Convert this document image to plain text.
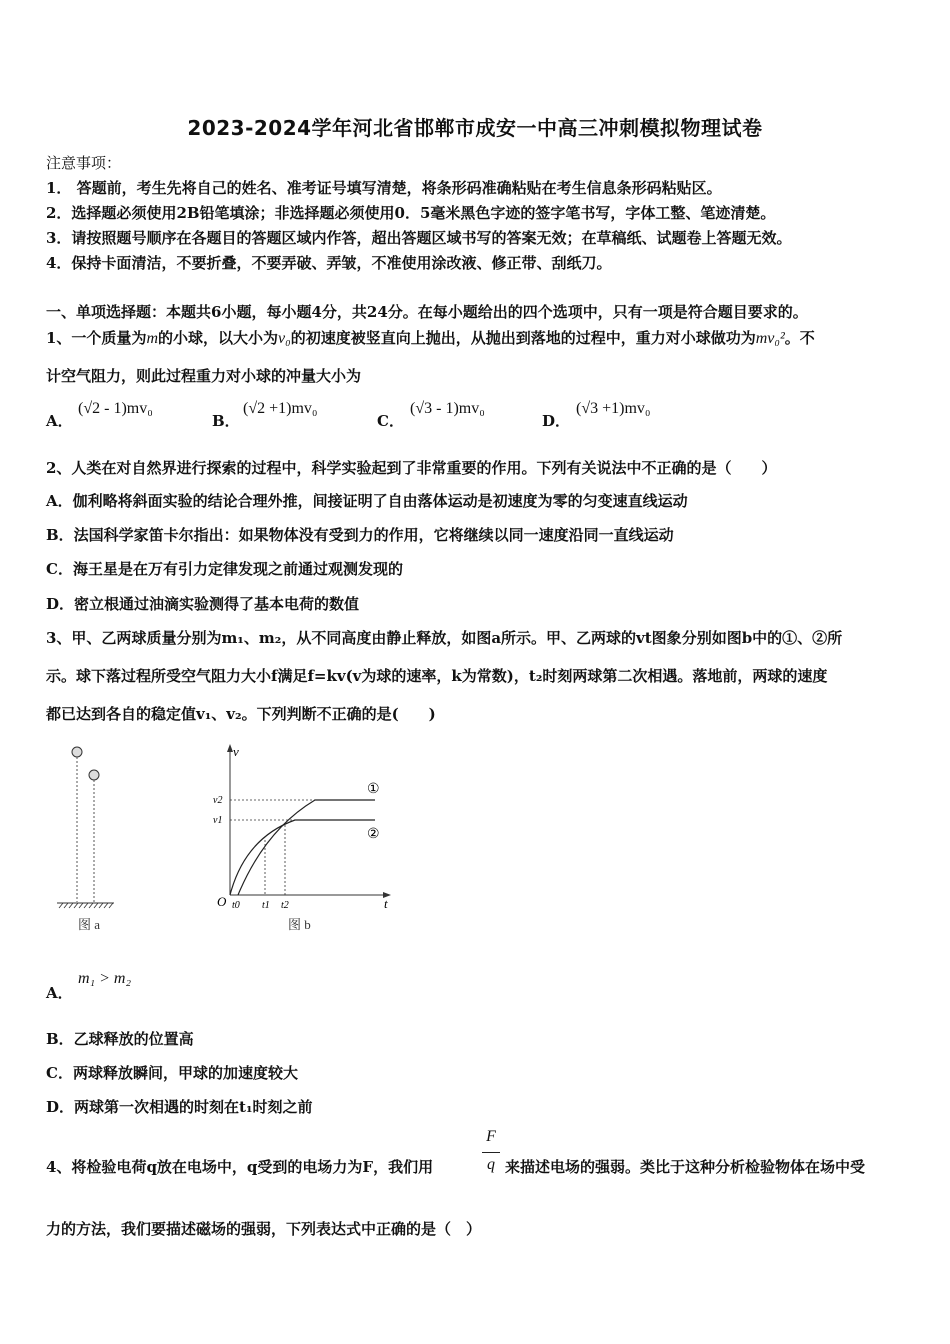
2023-2024学年河北省邯郸市成安一中高三冲刺模拟物理试卷
注意事项：
1． 答题前，考生先将自己的姓名、准考证号填写清楚，将条形码准确粘贴在考生信息条形码粘贴区。
2．选择题必须使用2B铅笔填涂；非选择题必须使用0．5毫米黑色字迹的签字笔书写，字体工整、笔迹清楚。
3．请按照题号顺序在各题目的答题区域内作答，超出答题区域书写的答案无效；在草稿纸、试题卷上答题无效。
4．保持卡面清洁，不要折叠，不要弄破、弄皱，不准使用涂改液、修正带、刮纸刀。
一、单项选择题：本题共6小题，每小题4分，共24分。在每小题给出的四个选项中，只有一项是符合题目要求的。
1、一个质量为m的小球，以大小为v₀的初速度被竖直向上抛出，从抛出到落地的过程中，重力对小球做功为mv₀²。不
计空气阻力，则此过程重力对小球的冲量大小为
A．
(√2 - 1)mv₀
B．
(√2 +1)mv₀
C．
(√3 - 1)mv₀
D．
(√3 +1)mv₀
2、人类在对自然界进行探索的过程中，科学实验起到了非常重要的作用。下列有关说法中不正确的是（　　）
A．伽利略将斜面实验的结论合理外推，间接证明了自由落体运动是初速度为零的匀变速直线运动
B．法国科学家笛卡尔指出：如果物体没有受到力的作用，它将继续以同一速度沿同一直线运动
C．海王星是在万有引力定律发现之前通过观测发现的
D．密立根通过油滴实验测得了基本电荷的数值
3、甲、乙两球质量分别为m₁、m₂，从不同高度由静止释放，如图a所示。甲、乙两球的vt图象分别如图b中的①、②所
示。球下落过程所受空气阻力大小f满足f=kv(v为球的速率，k为常数)，t₂时刻两球第二次相遇。落地前，两球的速度
都已达到各自的稳定值v₁、v₂。下列判断不正确的是(　　)
图 a
v
t
O
v2
v1
①
②
t0 t1 t2
图 b
A．
m₁ > m₂
B．乙球释放的位置高
C．两球释放瞬间，甲球的加速度较大
D．两球第一次相遇的时刻在t₁时刻之前
4、将检验电荷q放在电场中，q受到的电场力为F，我们用
F
q 来描述电场的强弱。类比于这种分析检验物体在场中受
力的方法，我们要描述磁场的强弱，下列表达式中正确的是（　）
